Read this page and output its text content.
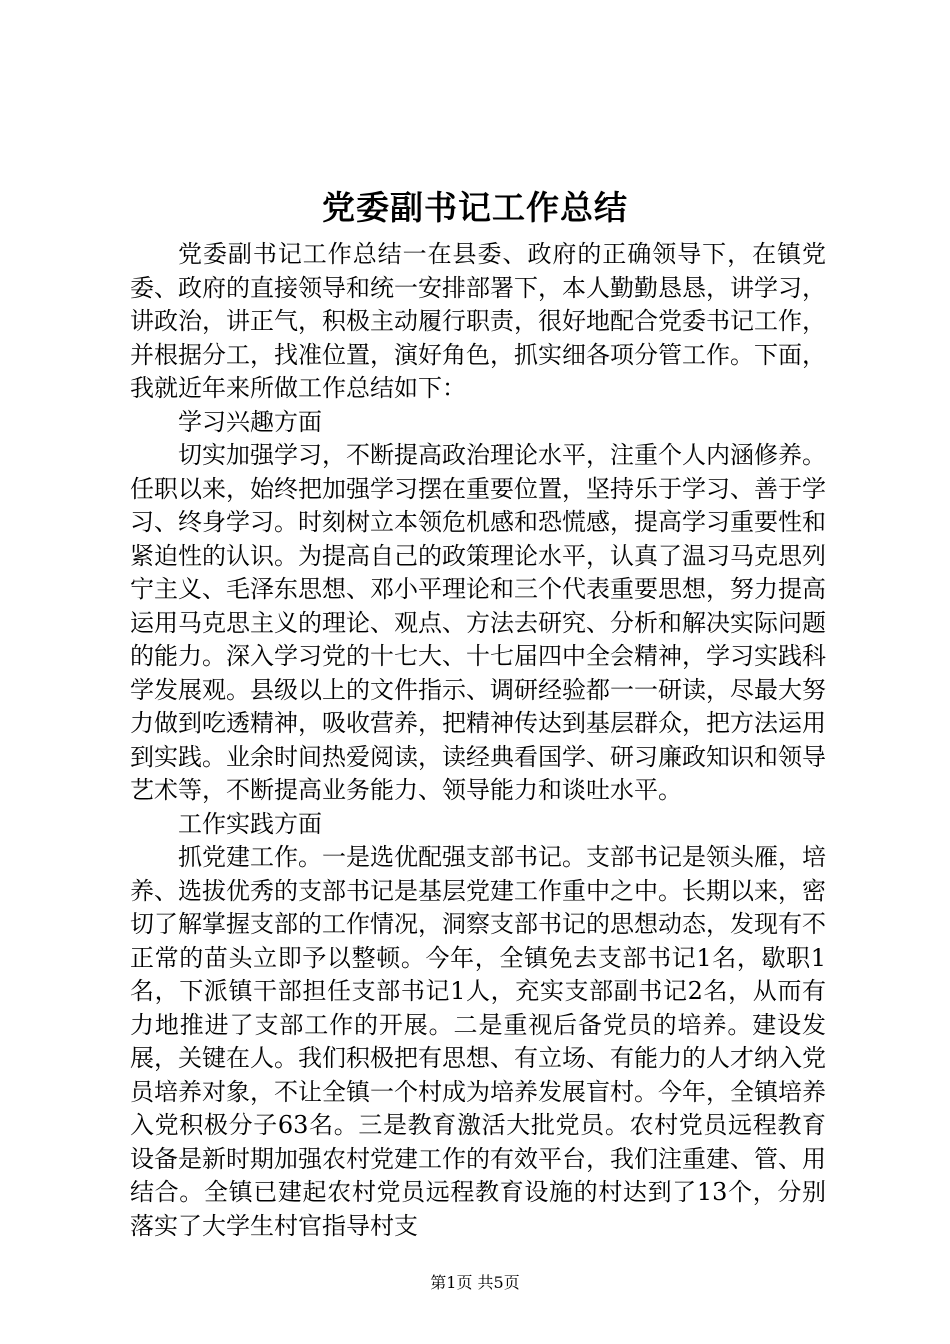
党委副书记工作总结

党委副书记工作总结一在县委、政府的正确领导下，在镇党委、政府的直接领导和统一安排部署下，本人勤勤恳恳，讲学习，讲政治，讲正气，积极主动履行职责，很好地配合党委书记工作，并根据分工，找准位置，演好角色，抓实细各项分管工作。下面，我就近年来所做工作总结如下：

学习兴趣方面

切实加强学习，不断提高政治理论水平，注重个人内涵修养。任职以来，始终把加强学习摆在重要位置，坚持乐于学习、善于学习、终身学习。时刻树立本领危机感和恐慌感，提高学习重要性和紧迫性的认识。为提高自己的政策理论水平，认真了温习马克思列宁主义、毛泽东思想、邓小平理论和三个代表重要思想，努力提高运用马克思主义的理论、观点、方法去研究、分析和解决实际问题的能力。深入学习党的十七大、十七届四中全会精神，学习实践科学发展观。县级以上的文件指示、调研经验都一一研读，尽最大努力做到吃透精神，吸收营养，把精神传达到基层群众，把方法运用到实践。业余时间热爱阅读，读经典看国学、研习廉政知识和领导艺术等，不断提高业务能力、领导能力和谈吐水平。

工作实践方面

抓党建工作。一是选优配强支部书记。支部书记是领头雁，培养、选拔优秀的支部书记是基层党建工作重中之中。长期以来，密切了解掌握支部的工作情况，洞察支部书记的思想动态，发现有不正常的苗头立即予以整顿。今年，全镇免去支部书记1名，歇职1名，下派镇干部担任支部书记1人，充实支部副书记2名，从而有力地推进了支部工作的开展。二是重视后备党员的培养。建设发展，关键在人。我们积极把有思想、有立场、有能力的人才纳入党员培养对象，不让全镇一个村成为培养发展盲村。今年，全镇培养入党积极分子63名。三是教育激活大批党员。农村党员远程教育设备是新时期加强农村党建工作的有效平台，我们注重建、管、用结合。全镇已建起农村党员远程教育设施的村达到了13个，分别落实了大学生村官指导村支

第1页 共5页
